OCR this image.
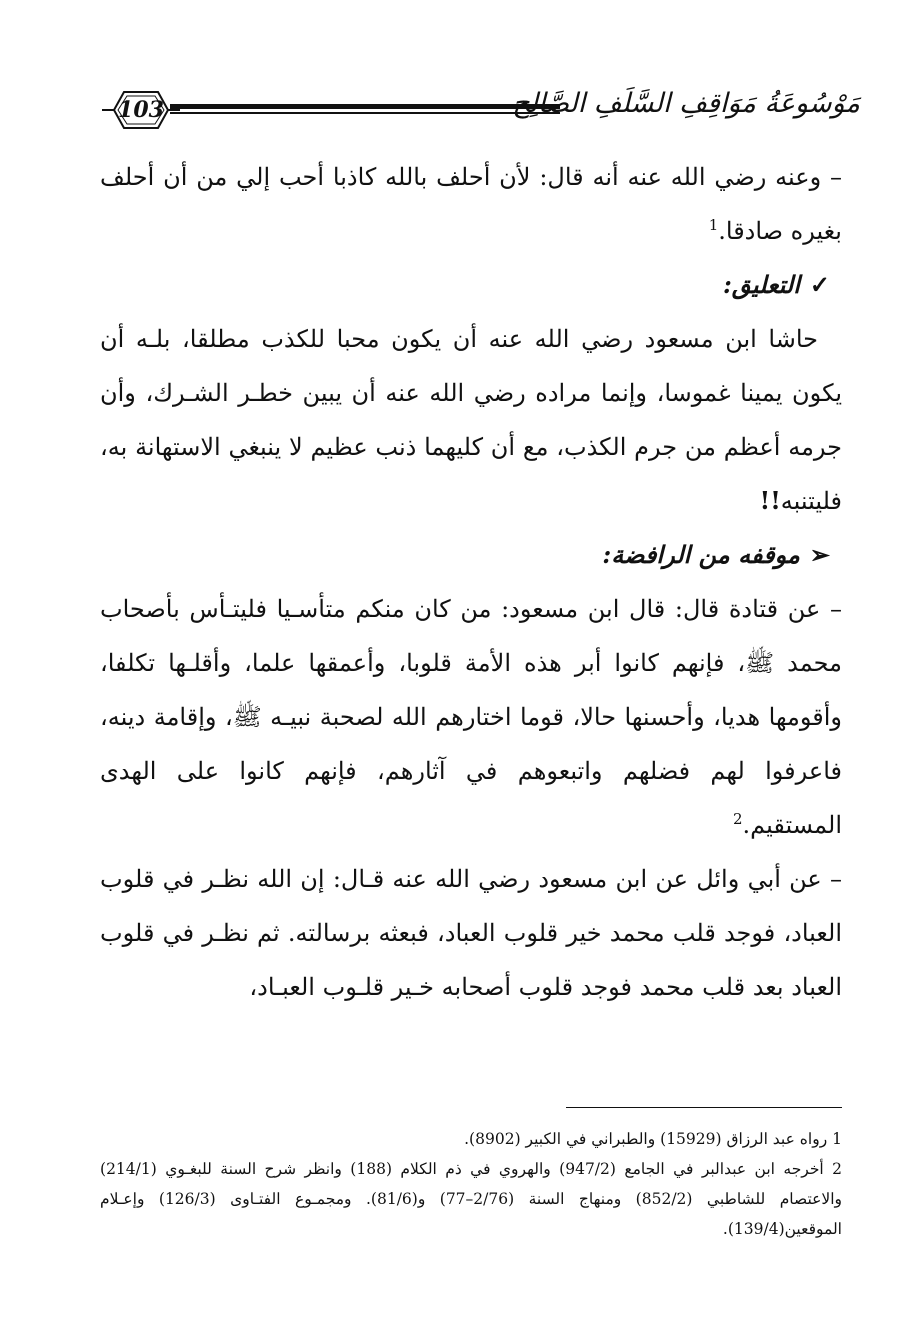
103	مَوْسُوعَةُ مَوَاقِفِ السَّلَفِ الصَّالِح

– وعنه رضي الله عنه أنه قال: لأن أحلف بالله كاذبا أحب إلي من أن أحلف بغيره صادقا.$^1$

✓التعليق:

 حاشا ابن مسعود رضي الله عنه أن يكون محبا للكذب مطلقا، بلـه أن يكون يمينا غموسا، وإنما مراده رضي الله عنه أن يبين خطـر الشـرك، وأن جرمه أعظم من جرم الكذب، مع أن كليهما ذنب عظيم لا ينبغي الاستهانة به، فليتنبه!!

➢موقفه من الرافضة:

– عن قتادة قال: قال ابن مسعود: من كان منكم متأسـيا فليتـأس بأصحاب محمد ﷺ، فإنهم كانوا أبر هذه الأمة قلوبا، وأعمقها علما، وأقلـها تكلفا، وأقومها هديا، وأحسنها حالا، قوما اختارهم الله لصحبة نبيـه ﷺ، وإقامة دينه، فاعرفوا لهم فضلهم واتبعوهم في آثارهم، فإنهم كانوا على الهدى المستقيم.$^2$

– عن أبي وائل عن ابن مسعود رضي الله عنه قـال: إن الله نظـر في قلوب العباد، فوجد قلب محمد خير قلوب العباد، فبعثه برسالته. ثم نظـر في قلوب العباد بعد قلب محمد فوجد قلوب أصحابه خـير قلـوب العبـاد،

1 رواه عبد الرزاق (15929) والطبراني في الكبير (8902).

2 أخرجه ابن عبدالبر في الجامع (947/2) والهروي في ذم الكلام (188) وانظر شرح السنة للبغـوي (214/1) والاعتصام للشاطبي (852/2) ومنهاج السنة (2/76–77) و(81/6). ومجمـوع الفتـاوى (126/3) وإعـلام الموقعين(139/4).
